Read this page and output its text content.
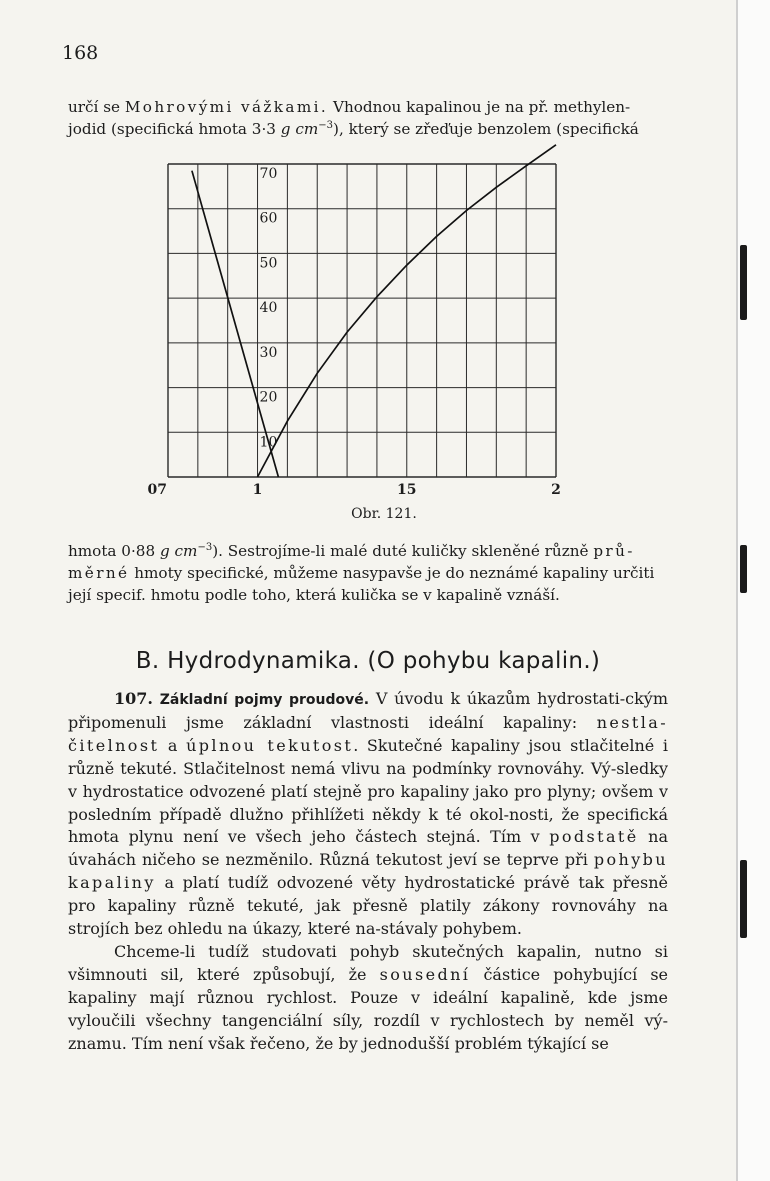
168

určí se Mohrovými vážkami. Vhodnou kapalinou je na př. methylen-

jodid (specifická hmota 3·3 g $cm^{-3}$), který se zřeďuje benzolem (specifická

70
60
50
40
30
20
10
07	1	15	2
Obr. 121.

hmota 0·88 g $cm^{-3}$). Sestrojíme-li malé duté kuličky skleněné různě prů-

měrné hmoty specifické, můžeme nasypavše je do neznámé kapaliny určiti

její specif. hmotu podle toho, která kulička se v kapalině vznáší.

B. Hydrodynamika. (O pohybu kapalin.)

107. Základní pojmy proudové. V úvodu k úkazům hydrostati-ckým připomenuli jsme základní vlastnosti ideální kapaliny: nestla-čitelnost a úplnou tekutost. Skutečné kapaliny jsou stlačitelné i různě tekuté. Stlačitelnost nemá vlivu na podmínky rovnováhy. Vý-sledky v hydrostatice odvozené platí stejně pro kapaliny jako pro plyny; ovšem v posledním případě dlužno přihlížeti někdy k té okol-nosti, že specifická hmota plynu není ve všech jeho částech stejná. Tím v podstatě na úvahách ničeho se nezměnilo. Různá tekutost jeví se teprve při pohybu kapaliny a platí tudíž odvozené věty hydrostatické právě tak přesně pro kapaliny různě tekuté, jak přesně platily zákony rovnováhy na strojích bez ohledu na úkazy, které na-stávaly pohybem.

Chceme-li tudíž studovati pohyb skutečných kapalin, nutno si všimnouti sil, které způsobují, že sousední částice pohybující se kapaliny mají různou rychlost. Pouze v ideální kapalině, kde jsme vyloučili všechny tangenciální síly, rozdíl v rychlostech by neměl vý-znamu. Tím není však řečeno, že by jednodušší problém týkající se
